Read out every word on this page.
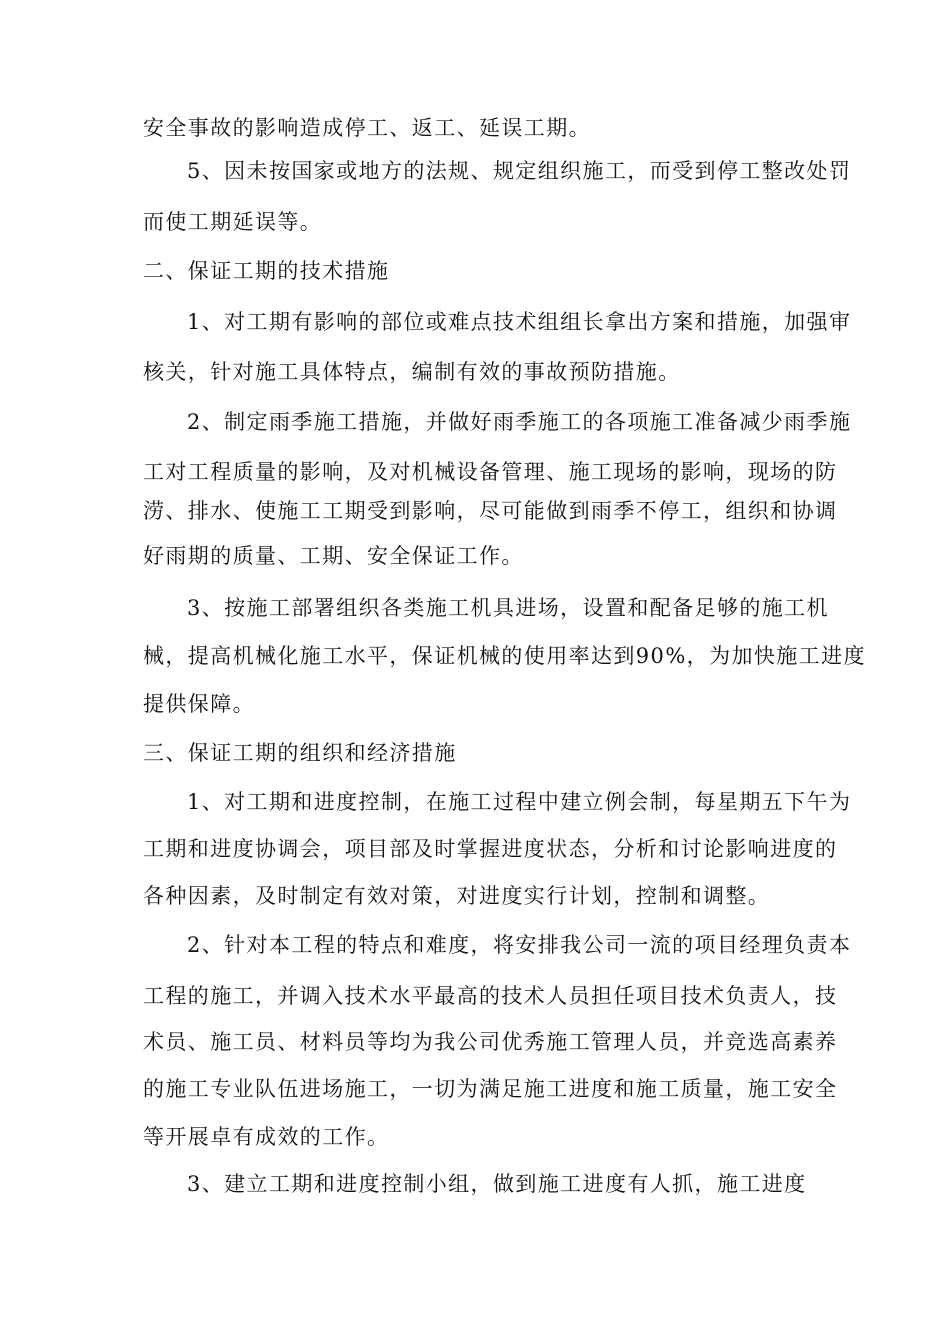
安全事故的影响造成停工、返工、延误工期。
5、因未按国家或地方的法规、规定组织施工，而受到停工整改处罚
而使工期延误等。
二、保证工期的技术措施
1、对工期有影响的部位或难点技术组组长拿出方案和措施，加强审
核关，针对施工具体特点，编制有效的事故预防措施。
2、制定雨季施工措施，并做好雨季施工的各项施工准备减少雨季施
工对工程质量的影响，及对机械设备管理、施工现场的影响，现场的防
涝、排水、使施工工期受到影响，尽可能做到雨季不停工，组织和协调
好雨期的质量、工期、安全保证工作。
3、按施工部署组织各类施工机具进场，设置和配备足够的施工机
械，提高机械化施工水平，保证机械的使用率达到90%，为加快施工进度
提供保障。
三、保证工期的组织和经济措施
1、对工期和进度控制，在施工过程中建立例会制，每星期五下午为
工期和进度协调会，项目部及时掌握进度状态，分析和讨论影响进度的
各种因素，及时制定有效对策，对进度实行计划，控制和调整。
2、针对本工程的特点和难度，将安排我公司一流的项目经理负责本
工程的施工，并调入技术水平最高的技术人员担任项目技术负责人，技
术员、施工员、材料员等均为我公司优秀施工管理人员，并竞选高素养
的施工专业队伍进场施工，一切为满足施工进度和施工质量，施工安全
等开展卓有成效的工作。
3、建立工期和进度控制小组，做到施工进度有人抓，施工进度
